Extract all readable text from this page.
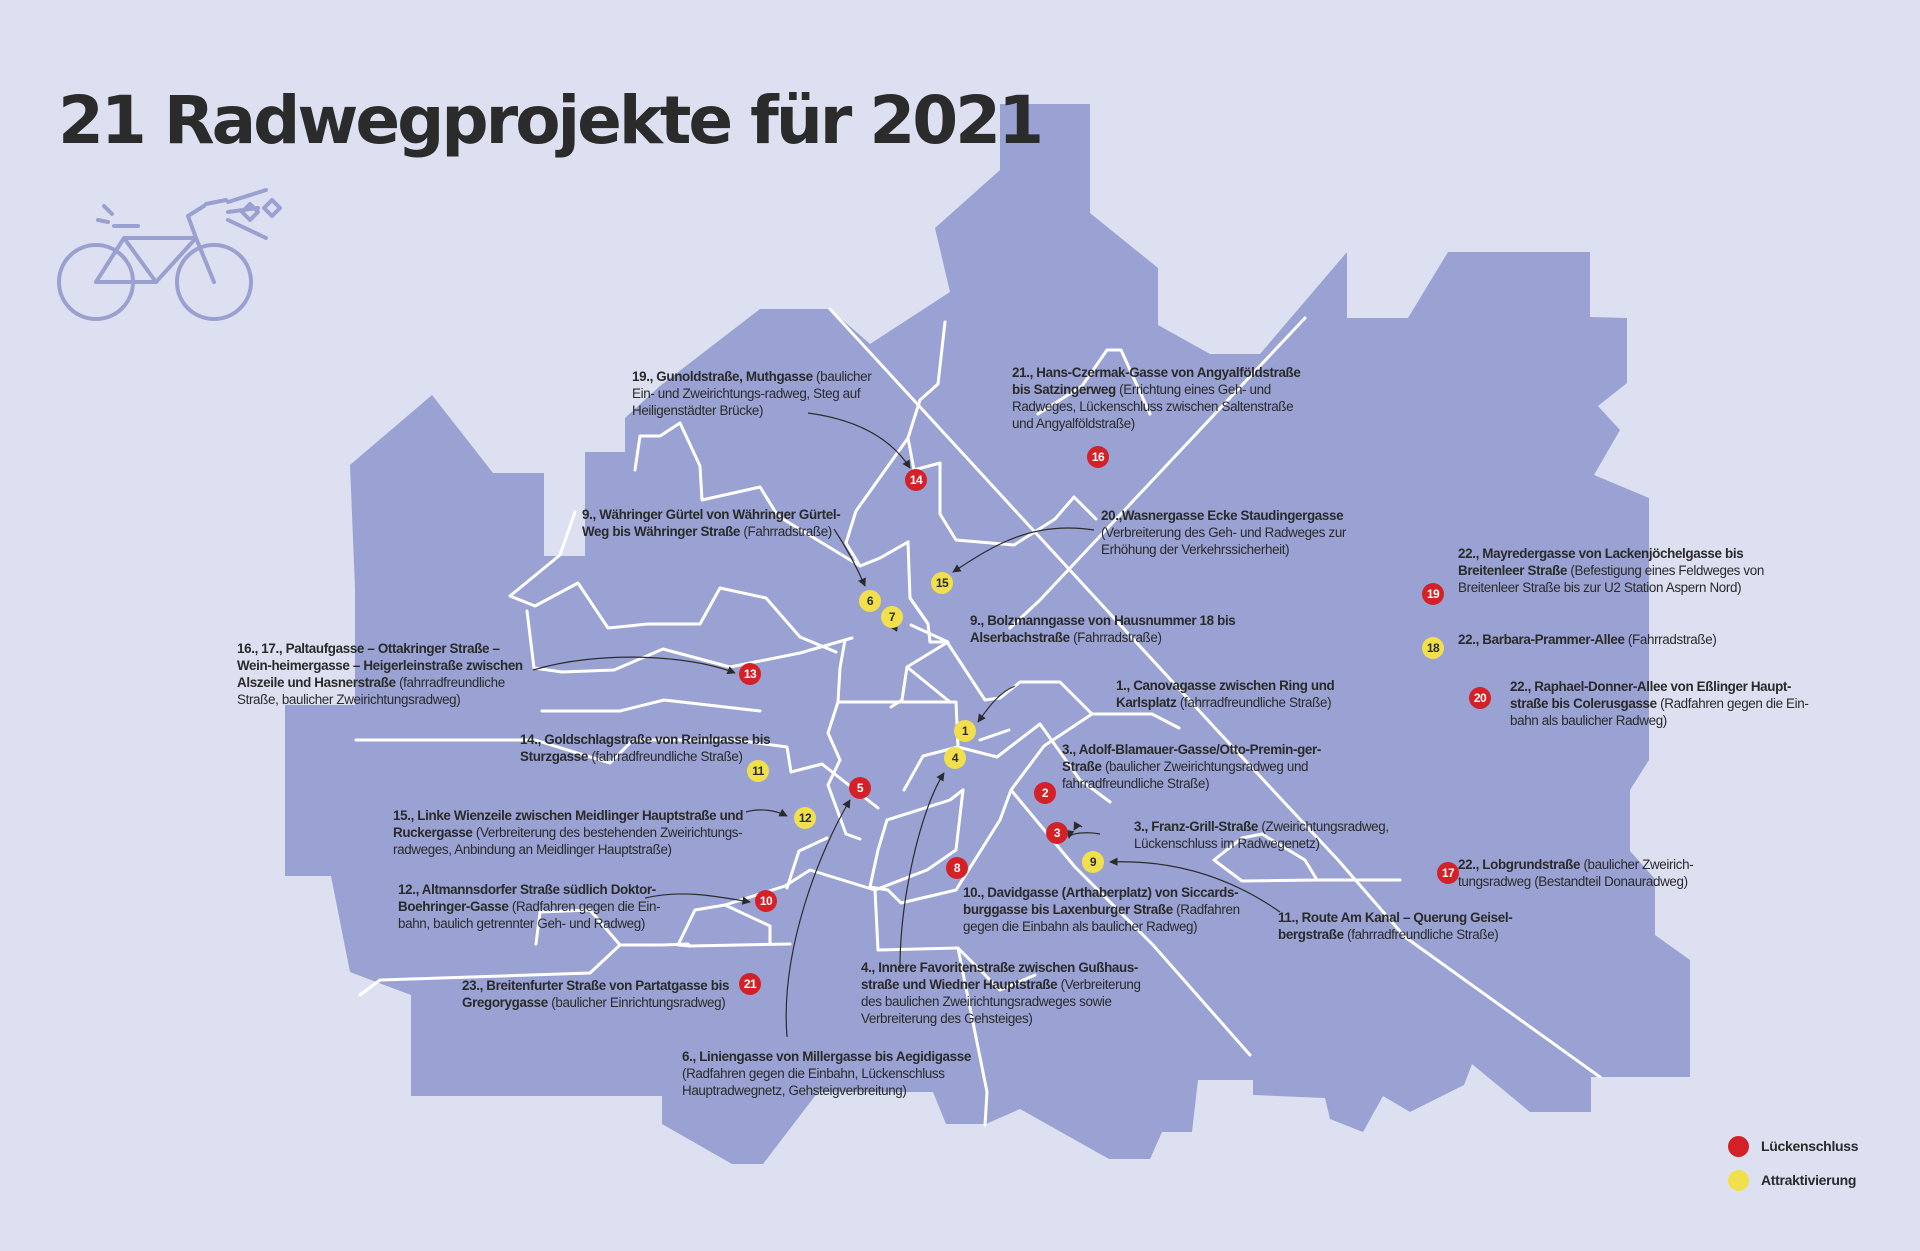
21 Radwegprojekte für 2021
19., Gunoldstraße, Muthgasse (baulicher Ein- und Zweirichtungs-radweg, Steg auf Heiligenstädter Brücke)
21., Hans-Czermak-Gasse von Angyalföldstraße bis Satzingerweg (Errichtung eines Geh- und Radweges, Lückenschluss zwischen Saltenstraße und Angyalföldstraße)
9., Währinger Gürtel von Währinger Gürtel-Weg bis Währinger Straße (Fahrradstraße)
20.,Wasnergasse Ecke Staudingergasse (Verbreiterung des Geh- und Radweges zur Erhöhung der Verkehrssicherheit)	22., Mayredergasse von Lackenjöchelgasse bis Breitenleer Straße (Befestigung eines Feldweges von Breitenleer Straße bis zur U2 Station Aspern Nord)
9., Bolzmanngasse von Hausnummer 18 bis Alserbachstraße (Fahrradstraße)	22., Barbara-Prammer-Allee (Fahrradstraße)
16., 17., Paltaufgasse – Ottakringer Straße – Wein-heimergasse – Heigerleinstraße zwischen Alszeile und Hasnerstraße (fahrradfreundliche Straße, baulicher Zweirichtungsradweg)
1., Canovagasse zwischen Ring und Karlsplatz (fahrradfreundliche Straße)
22., Raphael-Donner-Allee von Eßlinger Haupt-straße bis Colerusgasse (Radfahren gegen die Ein-bahn als baulicher Radweg)
14., Goldschlagstraße von Reinlgasse bis Sturzgasse (fahrradfreundliche Straße)	3., Adolf-Blamauer-Gasse/Otto-Premin-ger-Straße (baulicher Zweirichtungsradweg und fahrradfreundliche Straße)
15., Linke Wienzeile zwischen Meidlinger Hauptstraße und Ruckergasse (Verbreiterung des bestehenden Zweirichtungs-radweges, Anbindung an Meidlinger Hauptstraße)
3., Franz-Grill-Straße (Zweirichtungsradweg, Lückenschluss im Radwegenetz)
22., Lobgrundstraße (baulicher Zweirich-tungsradweg (Bestandteil Donauradweg)
12., Altmannsdorfer Straße südlich Doktor-Boehringer-Gasse (Radfahren gegen die Ein-bahn, baulich getrennter Geh- und Radweg)
10., Davidgasse (Arthaberplatz) von Siccards-burggasse bis Laxenburger Straße (Radfahren gegen die Einbahn als baulicher Radweg)
11., Route Am Kanal – Querung Geisel-bergstraße (fahrradfreundliche Straße)
23., Breitenfurter Straße von Partatgasse bis Gregorygasse (baulicher Einrichtungsradweg)
4., Innere Favoritenstraße zwischen Gußhaus-straße und Wiedner Hauptstraße (Verbreiterung des baulichen Zweirichtungsradweges sowie Verbreiterung des Gehsteiges)
6., Liniengasse von Millergasse bis Aegidigasse (Radfahren gegen die Einbahn, Lückenschluss Hauptradwegnetz, Gehsteigverbreitung)
1
2
3
4
5
6
7
8	9
10
11
12
13
14
15
16
17
18
19
20
21
Lückenschluss
Attraktivierung
